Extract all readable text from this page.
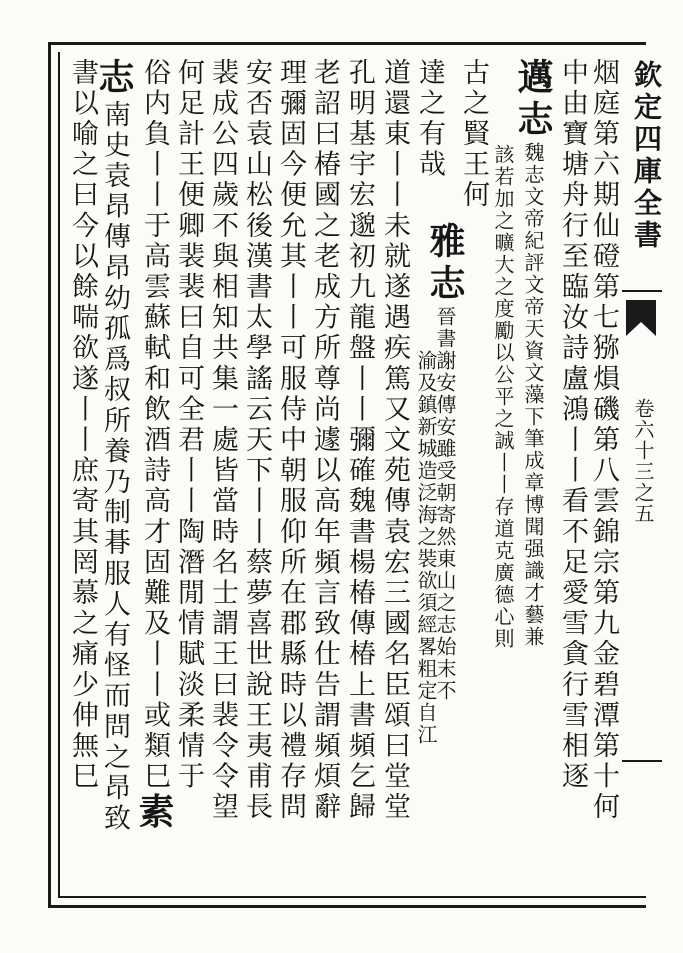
欽定四庫全書
卷六十三之五
烟庭第六期仙磴第七猕熉磯第八雲錦宗第九金碧潭第十何
中由寶塘舟行至臨汝詩盧鴻丨丨看不足愛雪貪行雪相逐
邁志魏志文帝紀評文帝天資文藻下筆成章博聞强識才藝兼
該若加之曠大之度勵以公平之誠丨丨存道克廣德心則
古之賢王何
雅志晉書謝安傳安雖受朝寄然東山之志始末不
達之有哉
渝及鎮新城造泛海之裝欲須經畧粗定自江
道還東丨丨未就遂遇疾篤又文苑傳袁宏三國名臣頌曰堂堂
孔明基宇宏邈初九龍盤丨丨彌確魏書楊椿傳椿上書頻乞歸
老詔曰椿國之老成方所尊尚遽以高年頻言致仕告謂頻煩辭
理彌固今便允其丨丨可服侍中朝服仰所在郡縣時以禮存問
安否袁山松後漢書太學謠云天下丨丨蔡夢喜世說王夷甫長
裴成公四歲不與相知共集一處皆當時名士謂王曰裴令令望
何足計王便卿裴裴曰自可全君丨丨陶潛閒情賦淡柔情于
俗内負丨丨于高雲蘇軾和飲酒詩高才固難及丨丨或類巳素
志南史袁昂傳昂幼孤爲叔所養乃制朞服人有怪而問之昂致
書以喻之曰今以餘喘欲遂丨丨庶寄其罔慕之痛少伸無巳
